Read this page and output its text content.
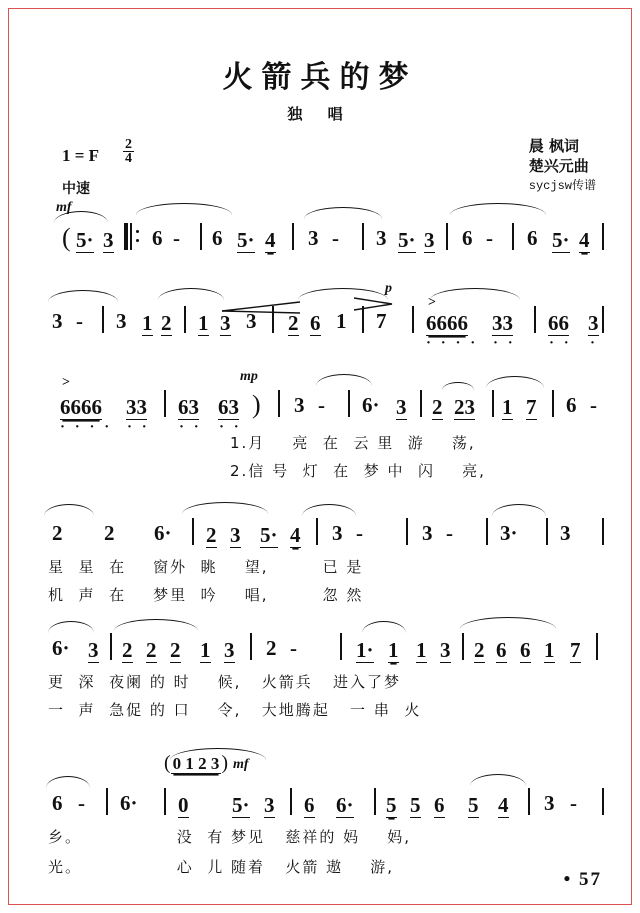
火箭兵的梦
独 唱
晨 枫词
楚兴元曲
sycjsw传谱
1 = F $\frac{2}{4}$
中速
mf
p
mp
mf
( 5· 3 6 - 6 5· 4 3 - 3 5· 3 6 - 6 5· 4
>
3 - 3 1 2 1 3 3 2 6 1 7 6666
· · · ·
33
· ·
66
· ·
3
·
>
6666
· · · ·
33
· ·
63
· ·
63
· ·
) 3 - 6· 3 2 23 1 7 6 -
1.月    亮  在  云 里  游    荡,
2.信 号  灯  在  梦 中  闪    亮,
2 2 6· 2 3 5· 4 3 -	3 - 3· 3
星  星  在    窗外  眺    望,        已 是
机  声  在    梦里  吟    唱,        忽 然
6· 3 2 2 2 1 3 2 -	1· 1 1 3 2 6 6 1 7
更  深  夜阑 的 时    候,   火箭兵   进入了梦
一  声  急促 的 口    令,   大地腾起   一 串  火
( 0 1 2 3 )
6 - 6· 0 5· 3 6 6· 5 5 6 5 4 3 -
乡。              没  有 梦见   慈祥的 妈    妈,
光。              心  儿 随着   火箭 遨    游,
• 57
